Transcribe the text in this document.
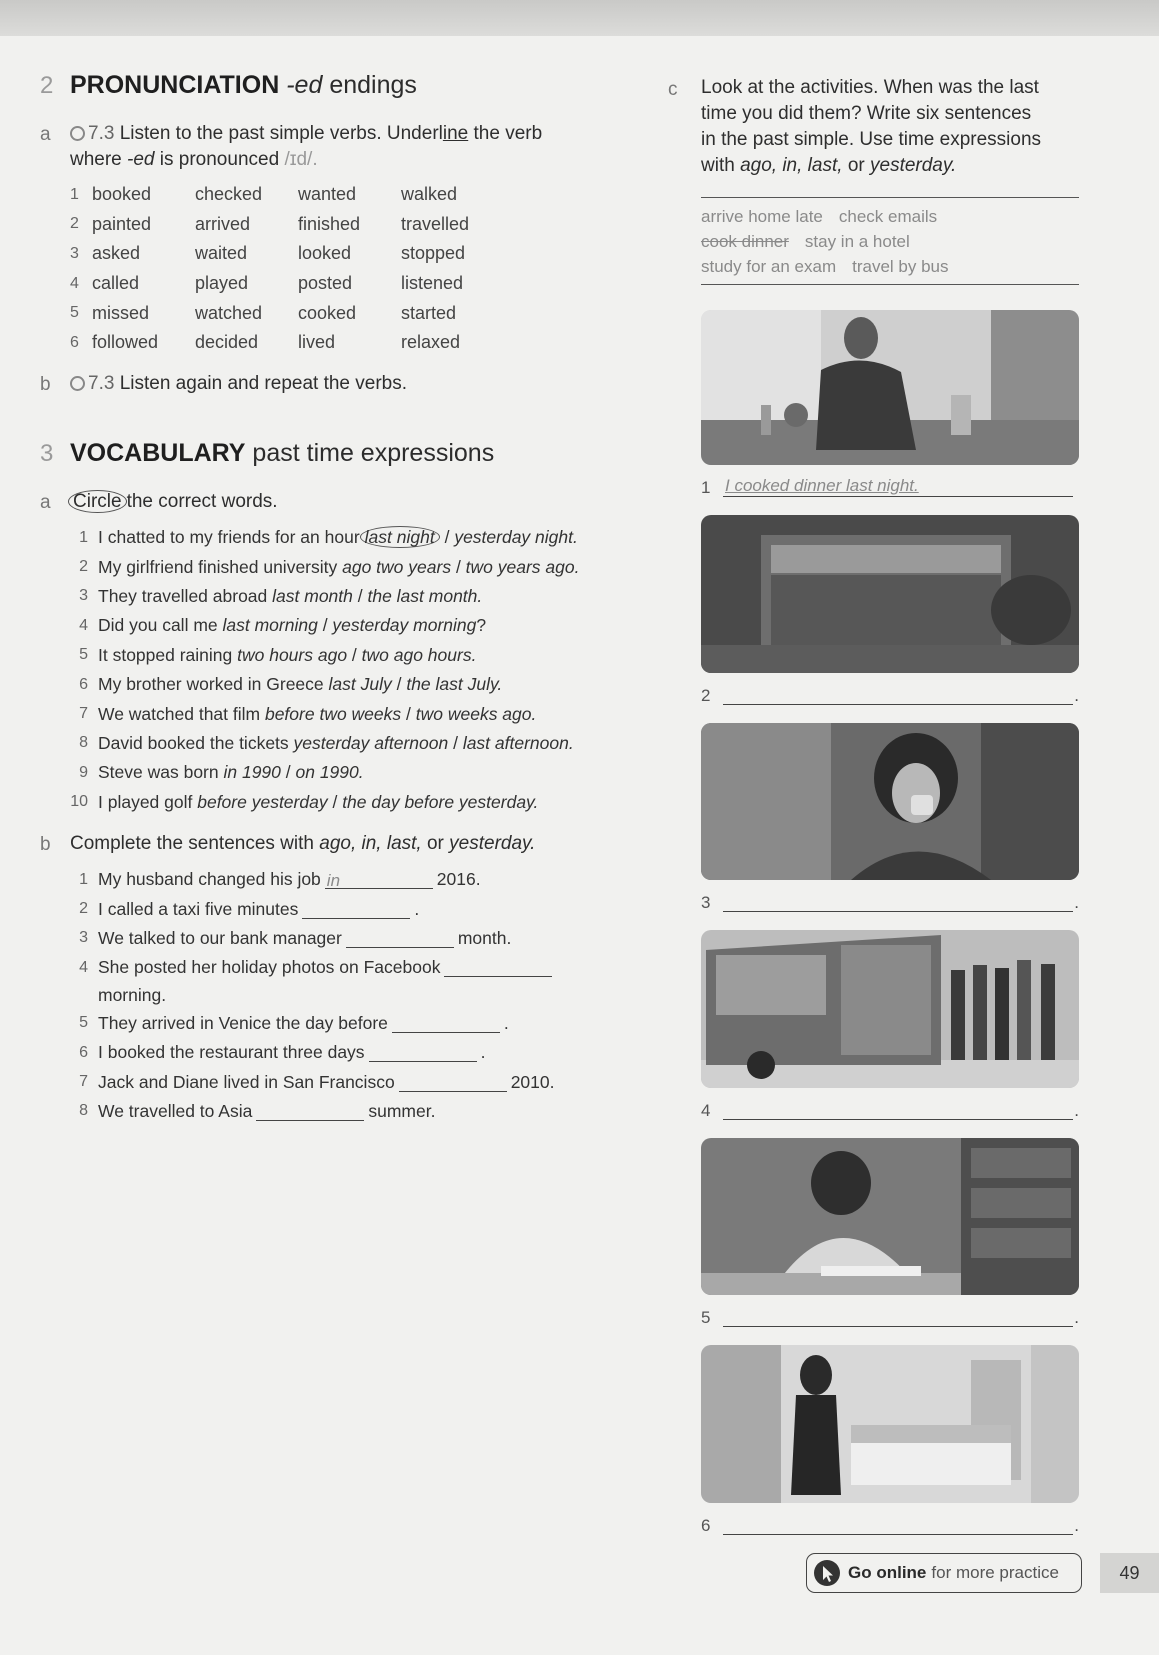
2 PRONUNCIATION -ed endings
a	7.3 Listen to the past simple verbs. Underline the verb
where -ed is pronounced /ɪd/.
1 booked	checked	wanted	walked
2 painted	arrived	finished	travelled
3 asked	waited	looked	stopped
4 called	played	posted	listened
5 missed	watched	cooked	started
6 followed	decided	lived	relaxed
b	7.3 Listen again and repeat the verbs.
3 VOCABULARY past time expressions
a Circle the correct words.
1 I chatted to my friends for an hour last night / yesterday night.
2 My girlfriend finished university ago two years / two years ago.
3 They travelled abroad last month / the last month.
4 Did you call me last morning / yesterday morning?
5 It stopped raining two hours ago / two ago hours.
6 My brother worked in Greece last July / the last July.
7 We watched that film before two weeks / two weeks ago.
8 David booked the tickets yesterday afternoon / last afternoon.
9 Steve was born in 1990 / on 1990.
10 I played golf before yesterday / the day before yesterday.
b Complete the sentences with ago, in, last, or yesterday.
1 My husband changed his job in	2016.
2 I called a taxi five minutes	.
3 We talked to our bank manager	month.
4 She posted her holiday photos on Facebook
morning.
5 They arrived in Venice the day before	.
6 I booked the restaurant three days	.
7 Jack and Diane lived in San Francisco	2010.
8 We travelled to Asia	summer.
c Look at the activities. When was the last
time you did them? Write six sentences
in the past simple. Use time expressions
with ago, in, last, or yesterday.
arrive home late check emails
cook dinner stay in a hotel
study for an exam travel by bus
1 I cooked dinner last night.
2	.
3	.
4	.
5	.
6	.
Go online for more practice	49
